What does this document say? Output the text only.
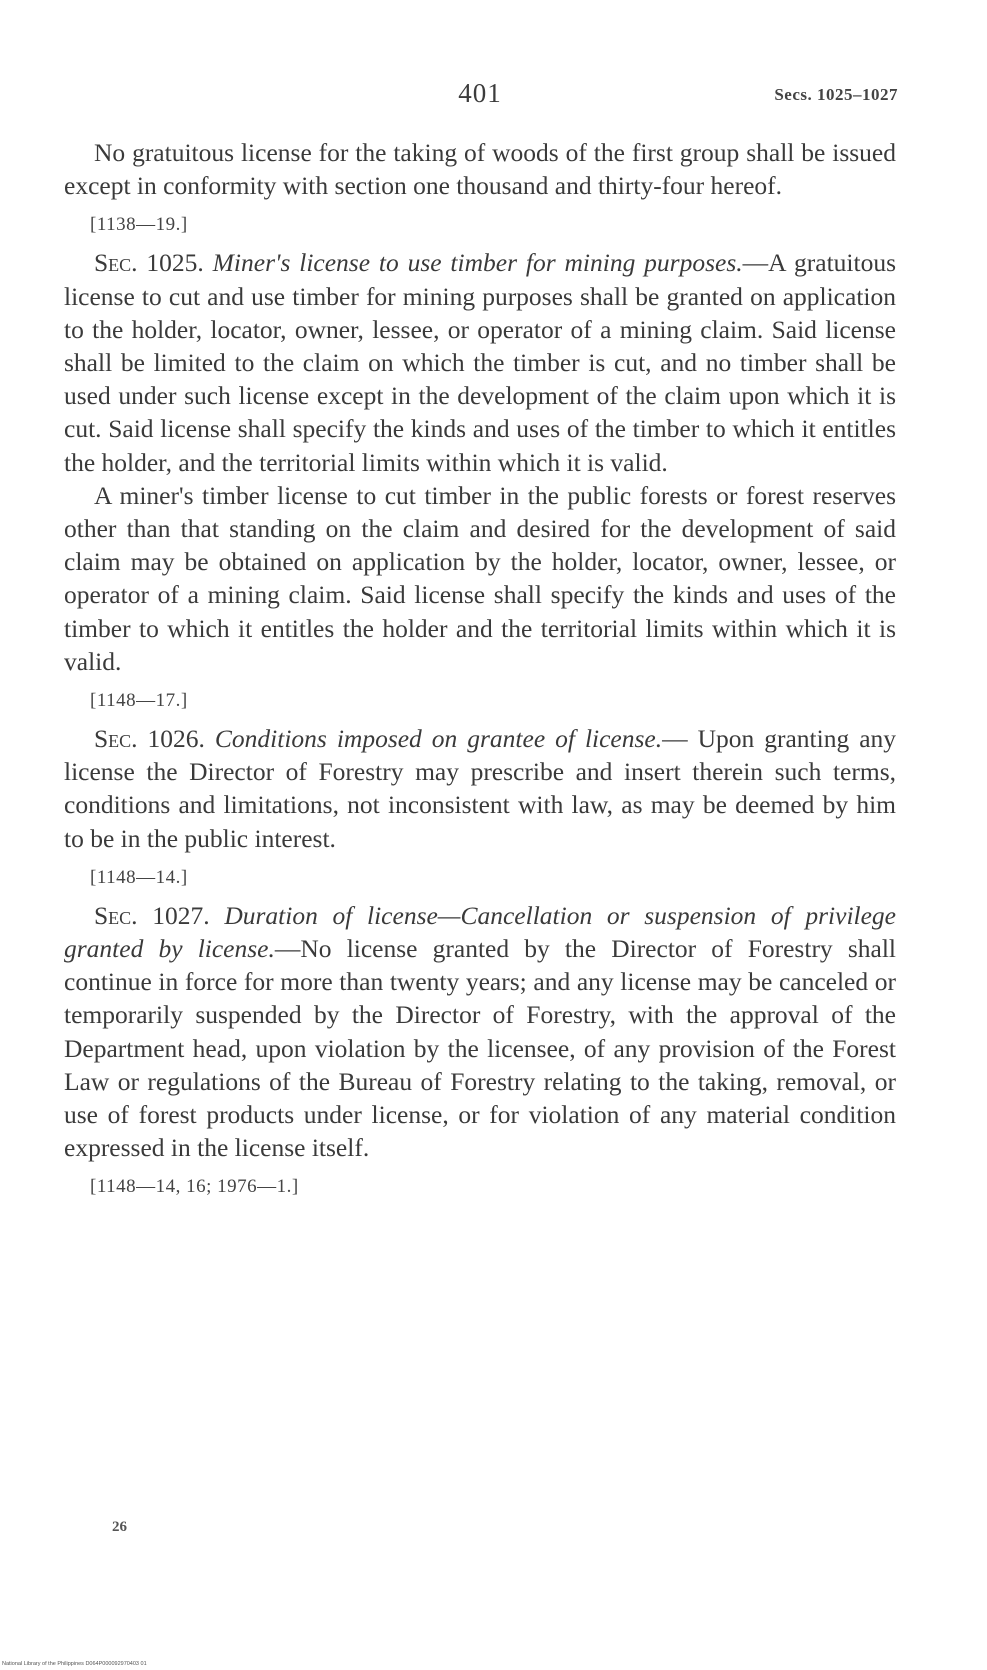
401	Secs. 1025–1027

No gratuitous license for the taking of woods of the first group shall be issued except in conformity with section one thousand and thirty-four hereof.

[1138—19.]

Sec. 1025. Miner's license to use timber for mining purposes.—A gratuitous license to cut and use timber for mining purposes shall be granted on application to the holder, locator, owner, lessee, or operator of a mining claim. Said license shall be limited to the claim on which the timber is cut, and no timber shall be used under such license except in the development of the claim upon which it is cut. Said license shall specify the kinds and uses of the timber to which it entitles the holder, and the territorial limits within which it is valid.

A miner's timber license to cut timber in the public forests or forest reserves other than that standing on the claim and desired for the development of said claim may be obtained on application by the holder, locator, owner, lessee, or operator of a mining claim. Said license shall specify the kinds and uses of the timber to which it entitles the holder and the territorial limits within which it is valid.

[1148—17.]

Sec. 1026. Conditions imposed on grantee of license.— Upon granting any license the Director of Forestry may prescribe and insert therein such terms, conditions and limitations, not inconsistent with law, as may be deemed by him to be in the public interest.

[1148—14.]

Sec. 1027. Duration of license—Cancellation or suspension of privilege granted by license.—No license granted by the Director of Forestry shall continue in force for more than twenty years; and any license may be canceled or temporarily suspended by the Director of Forestry, with the approval of the Department head, upon violation by the licensee, of any provision of the Forest Law or regulations of the Bureau of Forestry relating to the taking, removal, or use of forest products under license, or for violation of any material condition expressed in the license itself.

[1148—14, 16; 1976—1.]
26
National Library of the Philippines D064P000092970403 01
